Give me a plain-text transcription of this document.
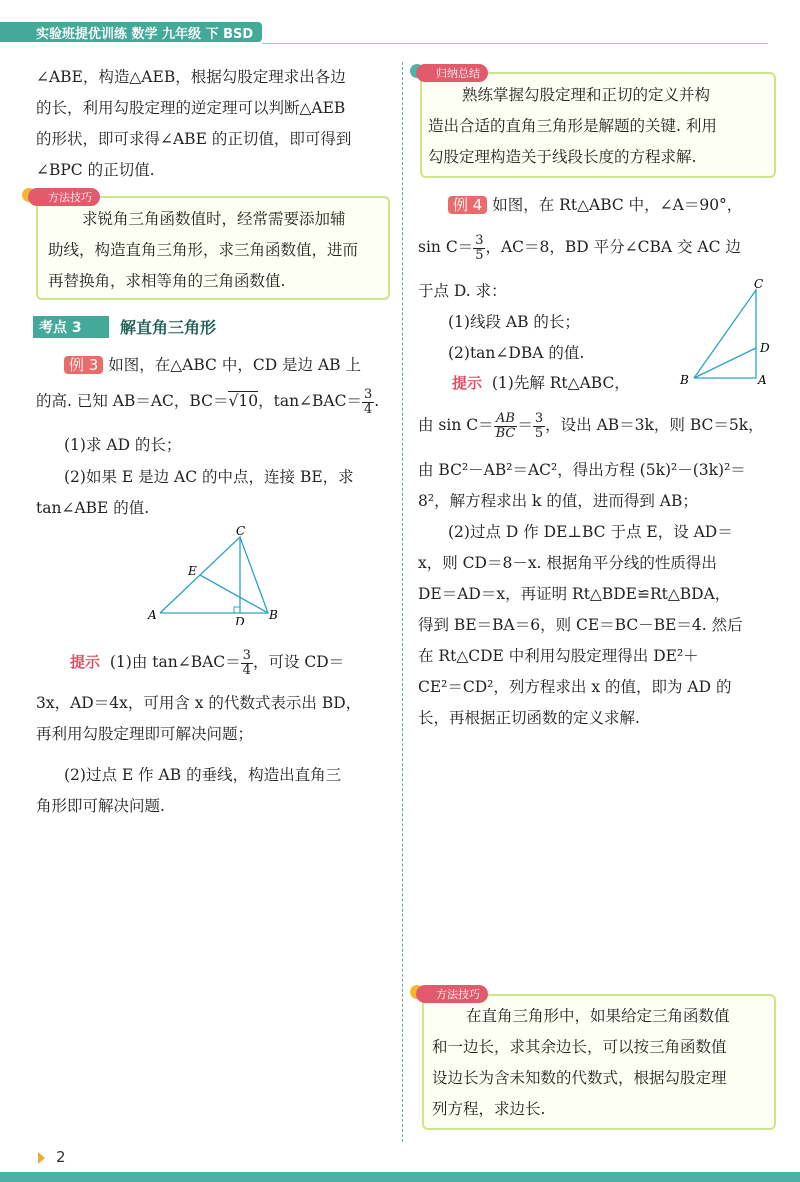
实验班提优训练 数学 九年级 下 BSD
∠ABE，构造△AEB，根据勾股定理求出各边
的长，利用勾股定理的逆定理可以判断△AEB
的形状，即可求得∠ABE 的正切值，即可得到
∠BPC 的正切值.
方法技巧
求锐角三角函数值时，经常需要添加辅
助线，构造直角三角形，求三角函数值，进而
再替换角，求相等角的三角函数值.
考点 3 解直角三角形
例 3 如图，在△ABC 中，CD 是边 AB 上
的高. 已知 AB＝AC，BC＝√10，tan∠BAC＝ $\frac{3}{4}$ .
(1)求 AD 的长；
(2)如果 E 是边 AC 的中点，连接 BE，求
tan∠ABE 的值.
A	B
C
D
E
提示 (1)由 tan∠BAC＝ $\frac{3}{4}$ ，可设 CD＝
3x，AD＝4x，可用含 x 的代数式表示出 BD，
再利用勾股定理即可解决问题；
(2)过点 E 作 AB 的垂线，构造出直角三
角形即可解决问题.
归纳总结
熟练掌握勾股定理和正切的定义并构
造出合适的直角三角形是解题的关键. 利用
勾股定理构造关于线段长度的方程求解.
例 4 如图，在 Rt△ABC 中，∠A＝90°，
$\sin C= \frac{3}{5}$ ，AC＝8，BD 平分∠CBA 交 AC 边
于点 D. 求：
(1)线段 AB 的长；
(2)tan∠DBA 的值.
C
D
B	A
提示 (1)先解 Rt△ABC，
由 $\sin C= \frac{AB}{BC} = \frac{3}{5}$ ，设出 AB＝3k，则 BC＝5k，
由 BC²－AB²＝AC²，得出方程 (5k)²－(3k)²＝
8²，解方程求出 k 的值，进而得到 AB；
(2)过点 D 作 DE⊥BC 于点 E，设 AD＝
x，则 CD＝8－x. 根据角平分线的性质得出
DE＝AD＝x，再证明 Rt△BDE≌Rt△BDA，
得到 BE＝BA＝6，则 CE＝BC－BE＝4. 然后
在 Rt△CDE 中利用勾股定理得出 DE²＋
CE²＝CD²，列方程求出 x 的值，即为 AD 的
长，再根据正切函数的定义求解.
方法技巧
在直角三角形中，如果给定三角函数值
和一边长，求其余边长，可以按三角函数值
设边长为含未知数的代数式，根据勾股定理
列方程，求边长.
2
